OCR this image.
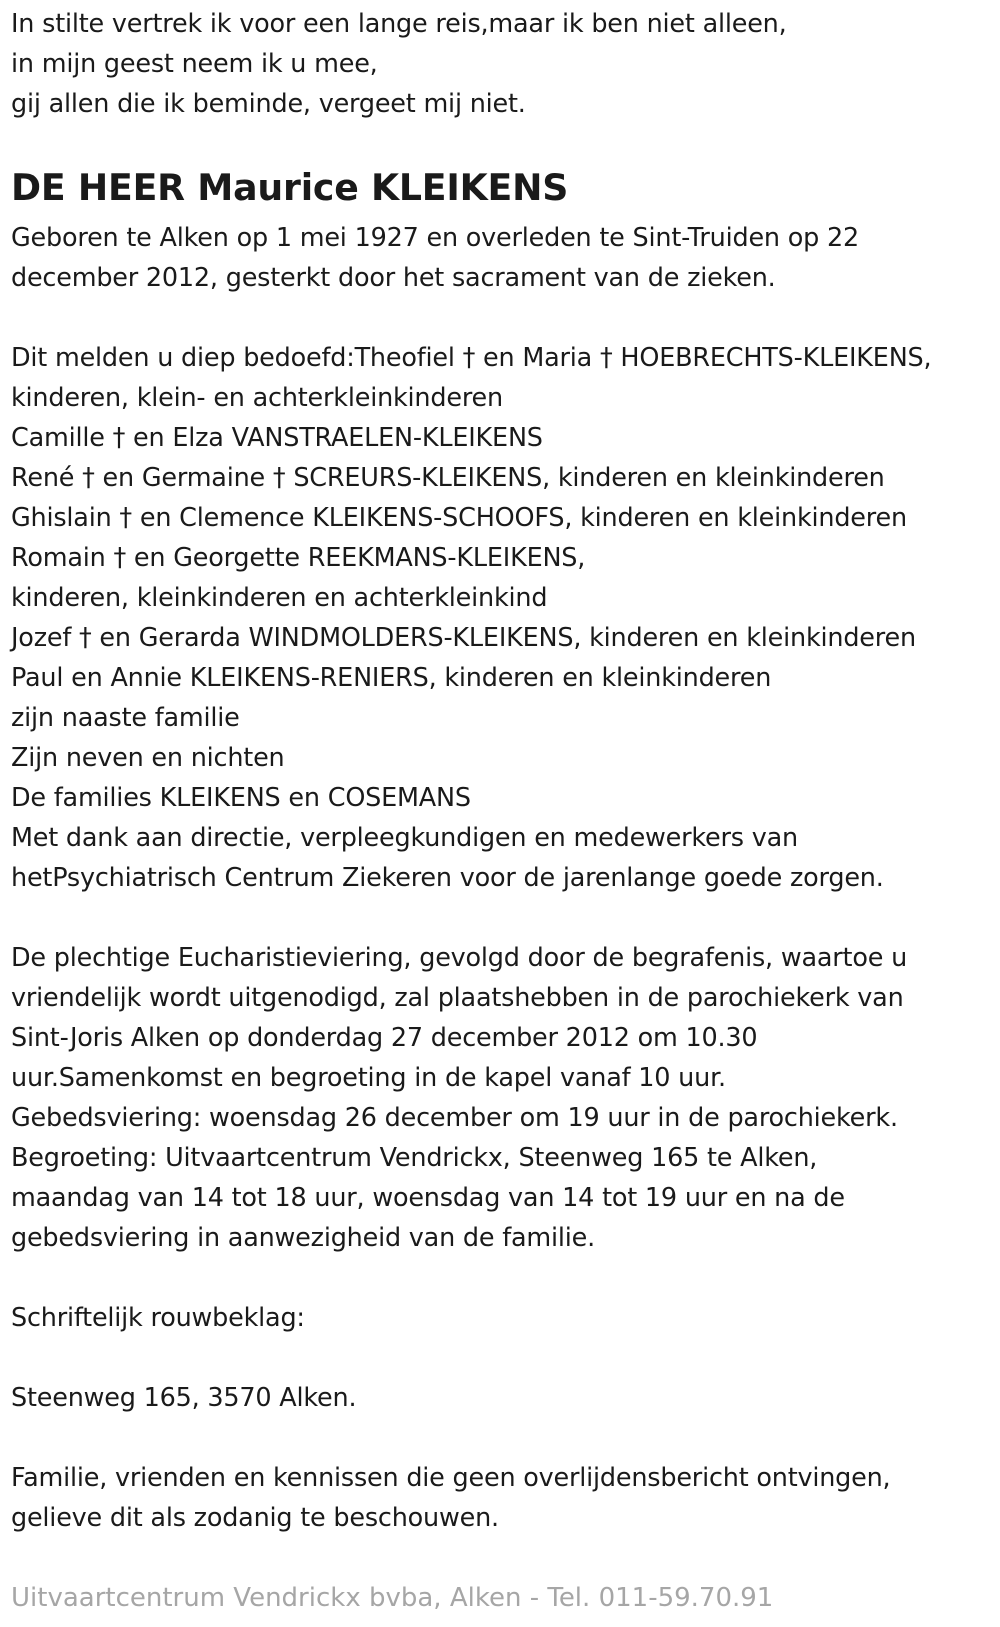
In stilte vertrek ik voor een lange reis,maar ik ben niet alleen,
in mijn geest neem ik u mee,
gij allen die ik beminde, vergeet mij niet.
DE HEER Maurice KLEIKENS
Geboren te Alken op 1 mei 1927 en overleden te Sint-Truiden op 22
december 2012, gesterkt door het sacrament van de zieken.
Dit melden u diep bedoefd:Theofiel † en Maria † HOEBRECHTS-KLEIKENS,
kinderen, klein- en achterkleinkinderen
Camille † en Elza VANSTRAELEN-KLEIKENS
René † en Germaine † SCREURS-KLEIKENS, kinderen en kleinkinderen
Ghislain † en Clemence KLEIKENS-SCHOOFS, kinderen en kleinkinderen
Romain † en Georgette REEKMANS-KLEIKENS,
kinderen, kleinkinderen en achterkleinkind
Jozef † en Gerarda WINDMOLDERS-KLEIKENS, kinderen en kleinkinderen
Paul en Annie KLEIKENS-RENIERS, kinderen en kleinkinderen
zijn naaste familie
Zijn neven en nichten
De families KLEIKENS en COSEMANS
Met dank aan directie, verpleegkundigen en medewerkers van
hetPsychiatrisch Centrum Ziekeren voor de jarenlange goede zorgen.
De plechtige Eucharistieviering, gevolgd door de begrafenis, waartoe u
vriendelijk wordt uitgenodigd, zal plaatshebben in de parochiekerk van
Sint-Joris Alken op donderdag 27 december 2012 om 10.30
uur.Samenkomst en begroeting in de kapel vanaf 10 uur.
Gebedsviering: woensdag 26 december om 19 uur in de parochiekerk.
Begroeting: Uitvaartcentrum Vendrickx, Steenweg 165 te Alken,
maandag van 14 tot 18 uur, woensdag van 14 tot 19 uur en na de
gebedsviering in aanwezigheid van de familie.
Schriftelijk rouwbeklag:
Steenweg 165, 3570 Alken.
Familie, vrienden en kennissen die geen overlijdensbericht ontvingen,
gelieve dit als zodanig te beschouwen.
Uitvaartcentrum Vendrickx bvba, Alken - Tel. 011-59.70.91
